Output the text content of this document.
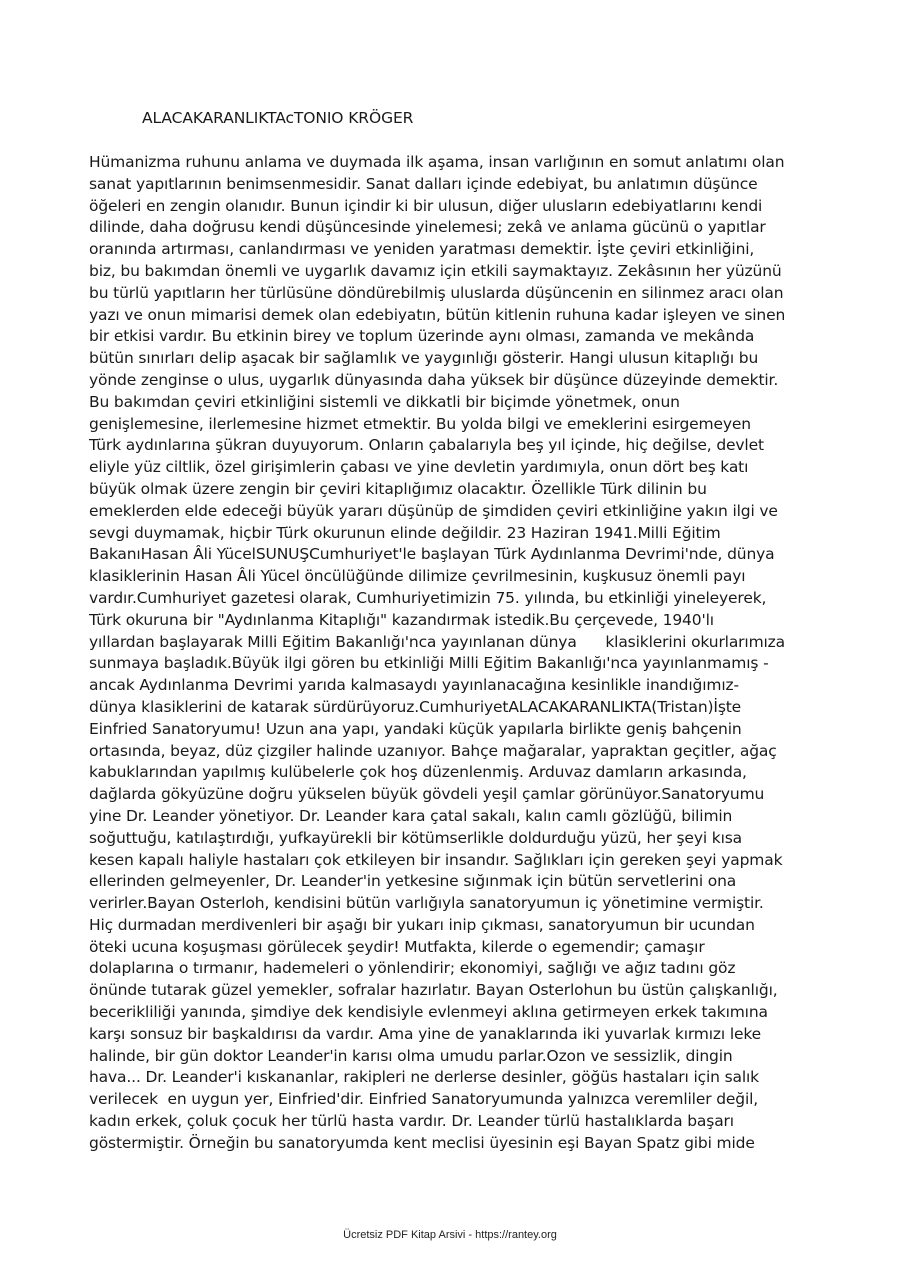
ALACAKARANLIKTAcTONIO KRÖGER
Hümanizma ruhunu anlama ve duymada ilk aşama, insan varlığının en somut anlatımı olan
sanat yapıtlarının benimsenmesidir. Sanat dalları içinde edebiyat, bu anlatımın düşünce
öğeleri en zengin olanıdır. Bunun içindir ki bir ulusun, diğer ulusların edebiyatlarını kendi
dilinde, daha doğrusu kendi düşüncesinde yinelemesi; zekâ ve anlama gücünü o yapıtlar
oranında artırması, canlandırması ve yeniden yaratması demektir. İşte çeviri etkinliğini,
biz, bu bakımdan önemli ve uygarlık davamız için etkili saymaktayız. Zekâsının her yüzünü
bu türlü yapıtların her türlüsüne döndürebilmiş uluslarda düşüncenin en silinmez aracı olan
yazı ve onun mimarisi demek olan edebiyatın, bütün kitlenin ruhuna kadar işleyen ve sinen
bir etkisi vardır. Bu etkinin birey ve toplum üzerinde aynı olması, zamanda ve mekânda
bütün sınırları delip aşacak bir sağlamlık ve yaygınlığı gösterir. Hangi ulusun kitaplığı bu
yönde zenginse o ulus, uygarlık dünyasında daha yüksek bir düşünce düzeyinde demektir.
Bu bakımdan çeviri etkinliğini sistemli ve dikkatli bir biçimde yönetmek, onun
genişlemesine, ilerlemesine hizmet etmektir. Bu yolda bilgi ve emeklerini esirgemeyen
Türk aydınlarına şükran duyuyorum. Onların çabalarıyla beş yıl içinde, hiç değilse, devlet
eliyle yüz ciltlik, özel girişimlerin çabası ve yine devletin yardımıyla, onun dört beş katı
büyük olmak üzere zengin bir çeviri kitaplığımız olacaktır. Özellikle Türk dilinin bu
emeklerden elde edeceği büyük yararı düşünüp de şimdiden çeviri etkinliğine yakın ilgi ve
sevgi duymamak, hiçbir Türk okurunun elinde değildir. 23 Haziran 1941.Milli Eğitim
BakanıHasan Âli YücelSUNUŞCumhuriyet'le başlayan Türk Aydınlanma Devrimi'nde, dünya
klasiklerinin Hasan Âli Yücel öncülüğünde dilimize çevrilmesinin, kuşkusuz önemli payı
vardır.Cumhuriyet gazetesi olarak, Cumhuriyetimizin 75. yılında, bu etkinliği yineleyerek,
Türk okuruna bir "Aydınlanma Kitaplığı" kazandırmak istedik.Bu çerçevede, 1940'lı
yıllardan başlayarak Milli Eğitim Bakanlığı'nca yayınlanan dünya      klasiklerini okurlarımıza
sunmaya başladık.Büyük ilgi gören bu etkinliği Milli Eğitim Bakanlığı'nca yayınlanmamış -
ancak Aydınlanma Devrimi yarıda kalmasaydı yayınlanacağına kesinlikle inandığımız-
dünya klasiklerini de katarak sürdürüyoruz.CumhuriyetALACAKARANLIKTA(Tristan)İşte
Einfried Sanatoryumu! Uzun ana yapı, yandaki küçük yapılarla birlikte geniş bahçenin
ortasında, beyaz, düz çizgiler halinde uzanıyor. Bahçe mağaralar, yapraktan geçitler, ağaç
kabuklarından yapılmış kulübelerle çok hoş düzenlenmiş. Arduvaz damların arkasında,
dağlarda gökyüzüne doğru yükselen büyük gövdeli yeşil çamlar görünüyor.Sanatoryumu
yine Dr. Leander yönetiyor. Dr. Leander kara çatal sakalı, kalın camlı gözlüğü, bilimin
soğuttuğu, katılaştırdığı, yufkayürekli bir kötümserlikle doldurduğu yüzü, her şeyi kısa
kesen kapalı haliyle hastaları çok etkileyen bir insandır. Sağlıkları için gereken şeyi yapmak
ellerinden gelmeyenler, Dr. Leander'in yetkesine sığınmak için bütün servetlerini ona
verirler.Bayan Osterloh, kendisini bütün varlığıyla sanatoryumun iç yönetimine vermiştir.
Hiç durmadan merdivenleri bir aşağı bir yukarı inip çıkması, sanatoryumun bir ucundan
öteki ucuna koşuşması görülecek şeydir! Mutfakta, kilerde o egemendir; çamaşır
dolaplarına o tırmanır, hademeleri o yönlendirir; ekonomiyi, sağlığı ve ağız tadını göz
önünde tutarak güzel yemekler, sofralar hazırlatır. Bayan Osterlohun bu üstün çalışkanlığı,
becerikliliği yanında, şimdiye dek kendisiyle evlenmeyi aklına getirmeyen erkek takımına
karşı sonsuz bir başkaldırısı da vardır. Ama yine de yanaklarında iki yuvarlak kırmızı leke
halinde, bir gün doktor Leander'in karısı olma umudu parlar.Ozon ve sessizlik, dingin
hava... Dr. Leander'i kıskananlar, rakipleri ne derlerse desinler, göğüs hastaları için salık
verilecek  en uygun yer, Einfried'dir. Einfried Sanatoryumunda yalnızca veremliler değil,
kadın erkek, çoluk çocuk her türlü hasta vardır. Dr. Leander türlü hastalıklarda başarı
göstermiştir. Örneğin bu sanatoryumda kent meclisi üyesinin eşi Bayan Spatz gibi mide
Ücretsiz PDF Kitap Arsivi - https://rantey.org
